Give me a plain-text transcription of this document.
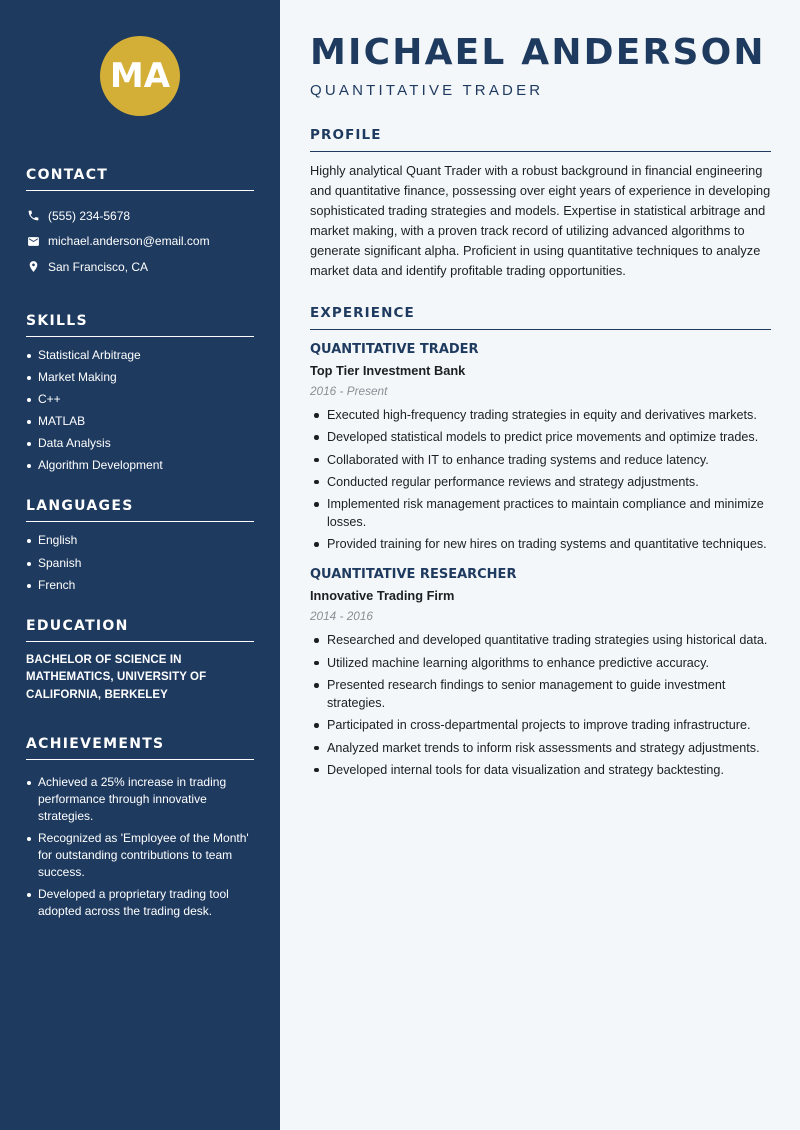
MA
CONTACT
(555) 234-5678
michael.anderson@email.com
San Francisco, CA
SKILLS
Statistical Arbitrage
Market Making
C++
MATLAB
Data Analysis
Algorithm Development
LANGUAGES
English
Spanish
French
EDUCATION

BACHELOR OF SCIENCE IN MATHEMATICS, UNIVERSITY OF CALIFORNIA, BERKELEY

ACHIEVEMENTS
Achieved a 25% increase in trading performance through innovative strategies.
Recognized as 'Employee of the Month' for outstanding contributions to team success.
Developed a proprietary trading tool adopted across the trading desk.
MICHAEL ANDERSON
QUANTITATIVE TRADER
PROFILE

Highly analytical Quant Trader with a robust background in financial engineering and quantitative finance, possessing over eight years of experience in developing sophisticated trading strategies and models. Expertise in statistical arbitrage and market making, with a proven track record of utilizing advanced algorithms to generate significant alpha. Proficient in using quantitative techniques to analyze market data and identify profitable trading opportunities.

EXPERIENCE
QUANTITATIVE TRADER
Top Tier Investment Bank
2016 - Present
Executed high-frequency trading strategies in equity and derivatives markets.
Developed statistical models to predict price movements and optimize trades.
Collaborated with IT to enhance trading systems and reduce latency.
Conducted regular performance reviews and strategy adjustments.
Implemented risk management practices to maintain compliance and minimize losses.
Provided training for new hires on trading systems and quantitative techniques.
QUANTITATIVE RESEARCHER
Innovative Trading Firm
2014 - 2016
Researched and developed quantitative trading strategies using historical data.
Utilized machine learning algorithms to enhance predictive accuracy.
Presented research findings to senior management to guide investment strategies.
Participated in cross-departmental projects to improve trading infrastructure.
Analyzed market trends to inform risk assessments and strategy adjustments.
Developed internal tools for data visualization and strategy backtesting.
